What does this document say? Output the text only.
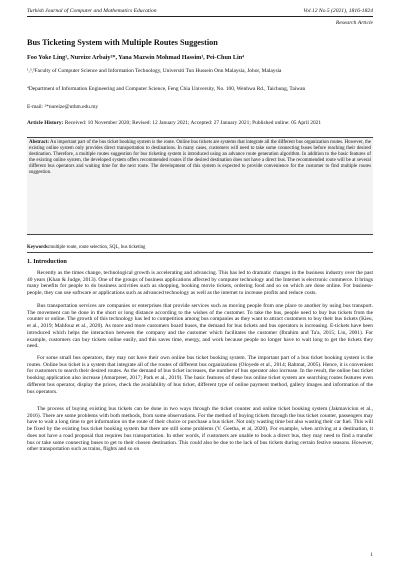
Turkish Journal of Computer and Mathematics Education	Vol.12 No.5 (2021), 1816-1824
Research Article
Bus Ticketing System with Multiple Routes Suggestion
Foo Yoke Ling¹, Nureize Arbaiy²*, Yana Mazwin Mohmad Hassim³, Pei-Chun Lin⁴
¹,²,³Faculty of Computer Science and Information Technology, Universiti Tun Hussein Onn Malaysia, Johor, Malaysia
⁴Department of Information Engineering and Computer Science, Feng Chia University, No. 100, Wenhwa Rd., Taichung, Taiwan
E-mail: ²*nureize@uthm.edu.my
Article History: Received: 10 November 2020; Revised: 12 January 2021; Accepted: 27 January 2021; Published online: 05 April 2021
Abstract: An important part of the bus ticket booking system is the route. Online bus tickets are systems that integrate all the different bus organization routes. However, the existing online system only provides direct transportation to destinations. In many cases, customers will need to take some connecting buses before reaching their desired destination. Therefore, a multiple routes suggestion for bus ticketing system is introduced using an advance route generation algorithm. In addition to the basic features of the existing online system, the developed system offers recommended routes if the desired destination does not have a direct bus. The recommended route will be at several different bus operators and waiting time for the next route. The development of this system is expected to provide convenience for the customer to find multiple routes suggestion.
Keywords:multiple route, route selection, SQL, bus ticketing
1. Introduction
Recently as the times change, technological growth is accelerating and advancing. This has led to dramatic changes in the business industry over the past 40 years (Khan & Judge, 2013). One of the groups of business applications affected by computer technology and the Internet is electronic commerce. It brings many benefits for people to do business activities such as shopping, booking movie tickets, ordering food and so on which are done online. For business-people, they can use software or applications such as advanced technology as well as the internet to increase profits and reduce costs.
Bus transportation services are companies or enterprises that provide services such as moving people from one place to another by using bus transport. The movement can be done in the short or long distance according to the wishes of the customer. To take the bus, people need to buy bus tickets from the counter or online. The growth of this technology has led to competition among bus companies as they want to attract customers to buy their bus tickets (Kieu, et al., 2019; Mahfouz et al., 2020). As more and more customers board buses, the demand for bus tickets and bus operators is increasing. E-tickets have been introduced which helps the interaction between the company and the customer which facilitates the customer (Ibrahim and Ta'a, 2015; Liu, 2001). For example, customers can buy tickets online easily, and this saves time, energy, and work because people no longer have to wait long to get the tickets they need.
For some small bus operators, they may not have their own online bus ticket booking system. The important part of a bus ticket booking system is the routes. Online bus ticket is a system that integrate all of the routes of different bus organizations (Oloyede et al., 2014; Rahmat, 2005). Hence, it is convenient for customers to search their desired routes. As the demand of bus ticket increases, the number of bus operator also increase. In the result, the online bus ticket booking application also increase (Amarpreet, 2017; Park et al., 2019). The basic features of these bus online ticket system are searching routes features even different bus operator, display the prices, check the availability of bus ticket, different type of online payment method, gallery images and information of the bus operators.
The process of buying existing bus tickets can be done in two ways through the ticket counter and online ticket booking system (Jakmaviciun et al., 2016). There are some problems with both methods, from some observations. For the method of buying tickets through the bus ticket counter, passengers may have to wait a long time to get information on the route of their choice or purchase a bus ticket. Not only wasting time but also wasting their car fuel. This will be fixed by the existing bus ticket booking system but there are still some problems (V. Geetha, et al, 2020). For example, when arriving at a destination, it does not have a road proposal that requires bus transportation. In other words, if customers are unable to book a direct bus, they may need to find a transfer bus or take some connecting buses to get to their chosen destination. This could also be due to the lack of bus tickets during certain festive seasons. However, other transportation such as trains, flights and so on
1
